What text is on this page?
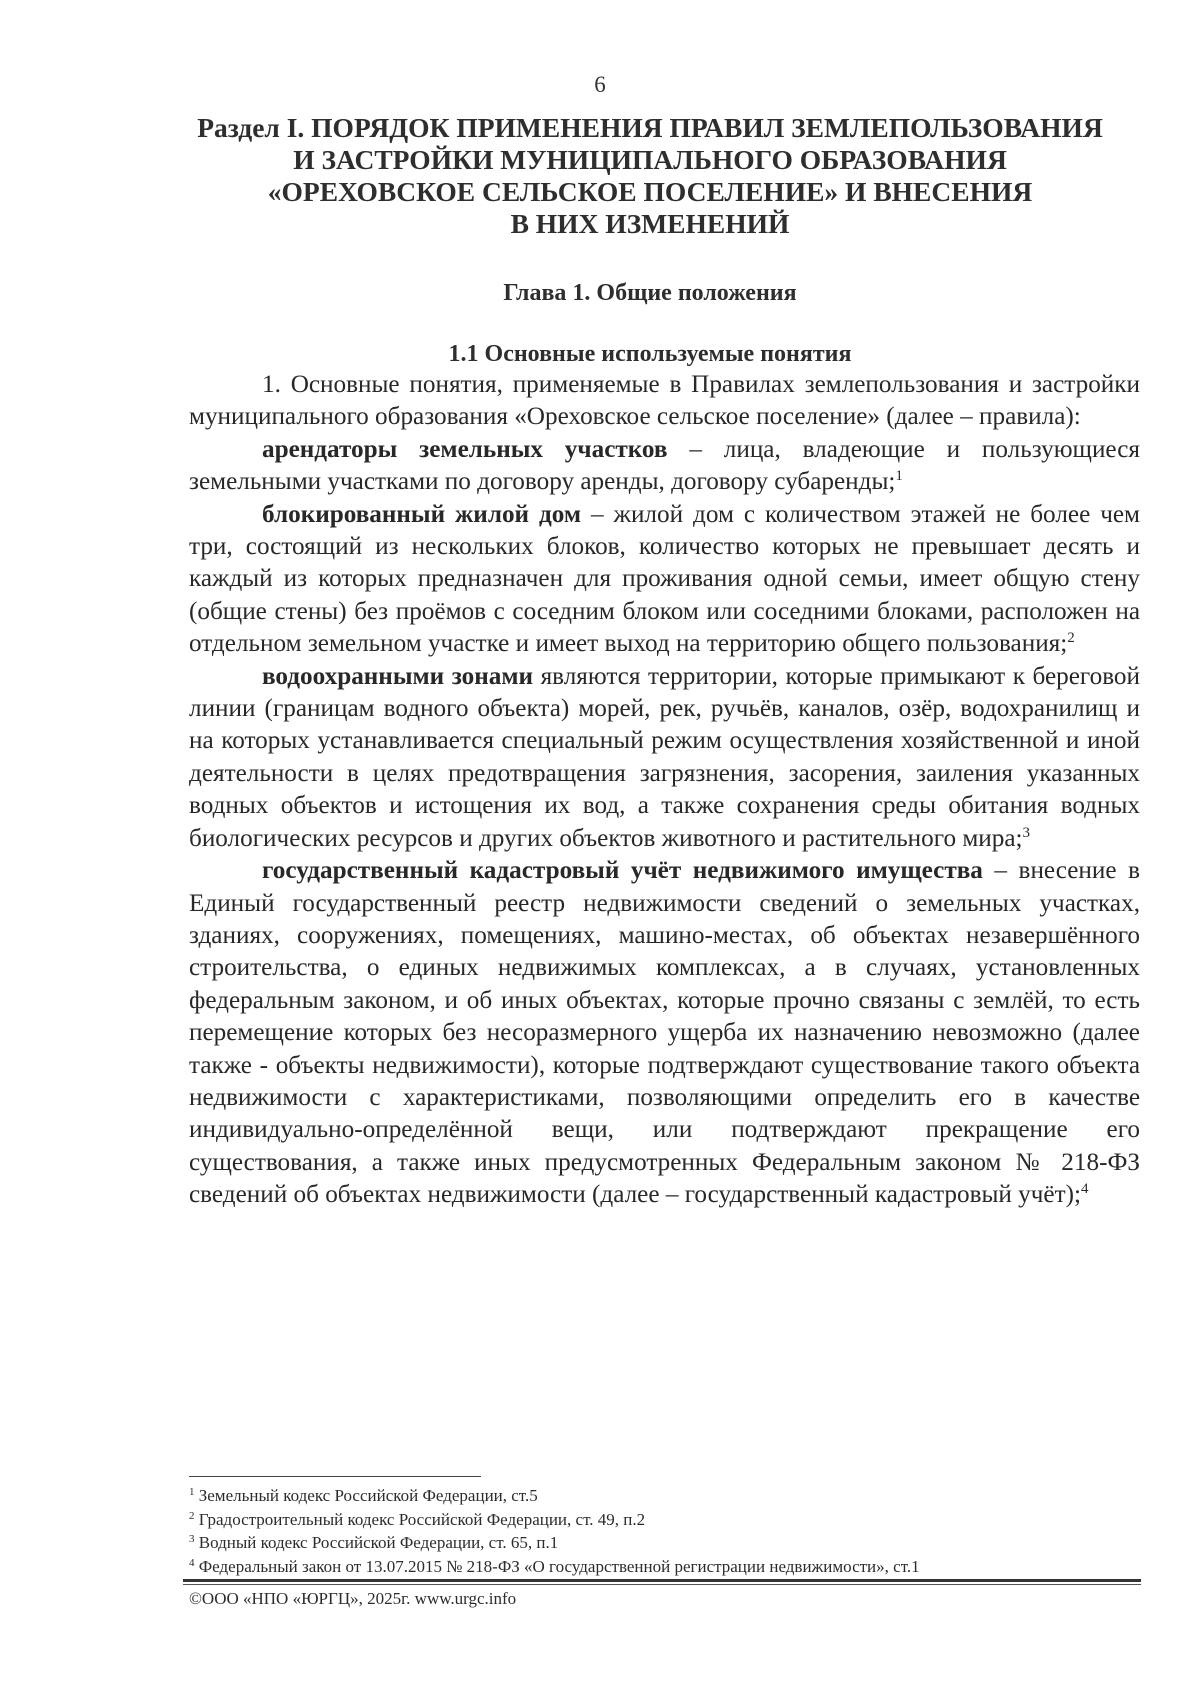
6
Раздел I. ПОРЯДОК ПРИМЕНЕНИЯ ПРАВИЛ ЗЕМЛЕПОЛЬЗОВАНИЯ
И ЗАСТРОЙКИ МУНИЦИПАЛЬНОГО ОБРАЗОВАНИЯ
«ОРЕХОВСКОЕ СЕЛЬСКОЕ ПОСЕЛЕНИЕ» И ВНЕСЕНИЯ
В НИХ ИЗМЕНЕНИЙ
Глава 1. Общие положения
1.1 Основные используемые понятия

1. Основные понятия, применяемые в Правилах землепользования и застройки муниципального образования «Ореховское сельское поселение» (далее – правила):

арендаторы земельных участков – лица, владеющие и пользующиеся земельными участками по договору аренды, договору субаренды;$^1$

блокированный жилой дом – жилой дом с количеством этажей не более чем три, состоящий из нескольких блоков, количество которых не превышает десять и каждый из которых предназначен для проживания одной семьи, имеет общую стену (общие стены) без проёмов с соседним блоком или соседними блоками, расположен на отдельном земельном участке и имеет выход на территорию общего пользования;$^2$

водоохранными зонами являются территории, которые примыкают к береговой линии (границам водного объекта) морей, рек, ручьёв, каналов, озёр, водохранилищ и на которых устанавливается специальный режим осуществления хозяйственной и иной деятельности в целях предотвращения загрязнения, засорения, заиления указанных водных объектов и истощения их вод, а также сохранения среды обитания водных биологических ресурсов и других объектов животного и растительного мира;$^3$

государственный кадастровый учёт недвижимого имущества – внесение в Единый государственный реестр недвижимости сведений о земельных участках, зданиях, сооружениях, помещениях, машино-местах, об объектах незавершённого строительства, о единых недвижимых комплексах, а в случаях, установленных федеральным законом, и об иных объектах, которые прочно связаны с землёй, то есть перемещение которых без несоразмерного ущерба их назначению невозможно (далее также - объекты недвижимости), которые подтверждают существование такого объекта недвижимости с характеристиками, позволяющими определить его в качестве индивидуально-определённой вещи, или подтверждают прекращение его существования, а также иных предусмотренных Федеральным законом № 218-ФЗ сведений об объектах недвижимости (далее – государственный кадастровый учёт);$^4$

$^1$ Земельный кодекс Российской Федерации, ст.5
$^2$ Градостроительный кодекс Российской Федерации, ст. 49, п.2
$^3$ Водный кодекс Российской Федерации, ст. 65, п.1
$^4$ Федеральный закон от 13.07.2015 № 218-ФЗ «О государственной регистрации недвижимости», ст.1
©ООО «НПО «ЮРГЦ», 2025г. www.urgc.info
